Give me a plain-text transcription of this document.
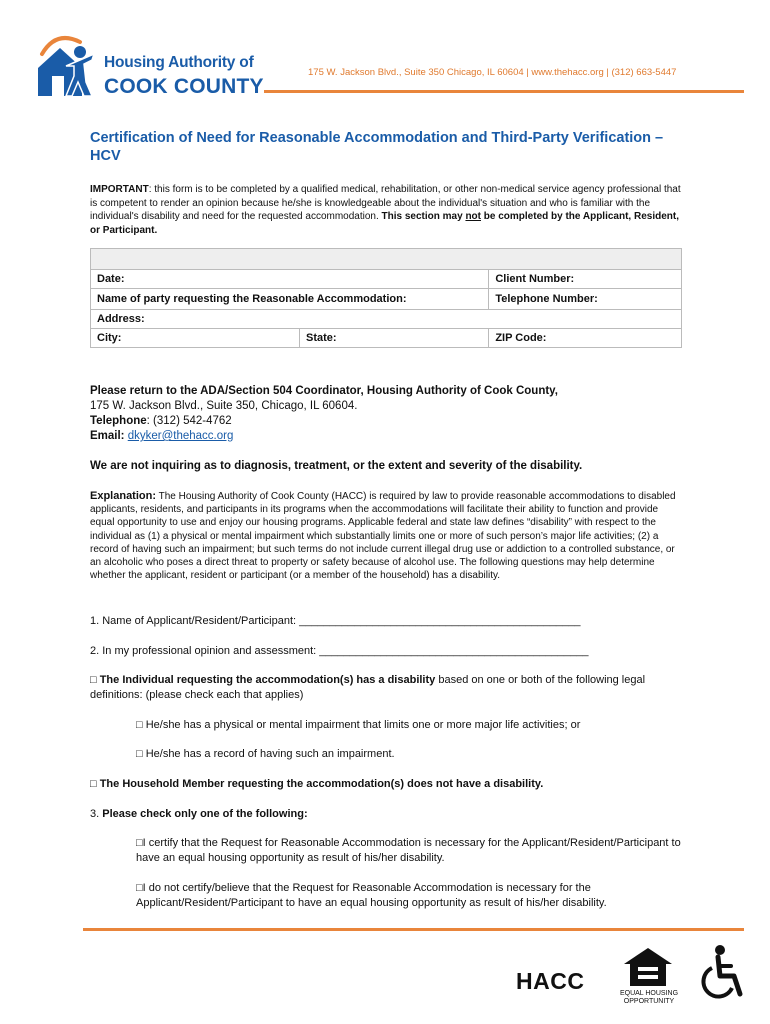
Housing Authority of
COOK COUNTY
175 W. Jackson Blvd., Suite 350 Chicago, IL 60604 | www.thehacc.org | (312) 663-5447
Certification of Need for Reasonable Accommodation and Third-Party Verification – HCV
IMPORTANT: this form is to be completed by a qualified medical, rehabilitation, or other non-medical service agency professional that is competent to render an opinion because he/she is knowledgeable about the individual's situation and who is familiar with the individual's disability and need for the requested accommodation. This section may not be completed by the Applicant, Resident, or Participant.

Date:		Client Number:
Name of party requesting the Reasonable Accommodation:		Telephone Number:
Address:		
City:	State:	ZIP Code:
Please return to the ADA/Section 504 Coordinator, Housing Authority of Cook County,
175 W. Jackson Blvd., Suite 350, Chicago, IL 60604.
Telephone: (312) 542-4762
Email: dkyker@thehacc.org
We are not inquiring as to diagnosis, treatment, or the extent and severity of the disability.
Explanation: The Housing Authority of Cook County (HACC) is required by law to provide reasonable accommodations to disabled applicants, residents, and participants in its programs when the accommodations will facilitate their ability to function and provide equal opportunity to use and enjoy our housing programs. Applicable federal and state law defines “disability” with respect to the individual as (1) a physical or mental impairment which substantially limits one or more of such person’s major life activities; (2) a record of having such an impairment; but such terms do not include current illegal drug use or addiction to a controlled substance, or an alcoholic who poses a direct threat to property or safety because of alcohol use. The following questions may help determine whether the applicant, resident or participant (or a member of the household) has a disability.
1. Name of Applicant/Resident/Participant: ______________________________________________
2. In my professional opinion and assessment: ____________________________________________
□ The Individual requesting the accommodation(s) has a disability based on one or both of the following legal definitions: (please check each that applies)
□ He/she has a physical or mental impairment that limits one or more major life activities; or
□ He/she has a record of having such an impairment.
□ The Household Member requesting the accommodation(s) does not have a disability.
3. Please check only one of the following:
□I certify that the Request for Reasonable Accommodation is necessary for the Applicant/Resident/Participant to have an equal housing opportunity as result of his/her disability.
□I do not certify/believe that the Request for Reasonable Accommodation is necessary for the Applicant/Resident/Participant to have an equal housing opportunity as result of his/her disability.
HACC	EQUAL HOUSING
OPPORTUNITY
